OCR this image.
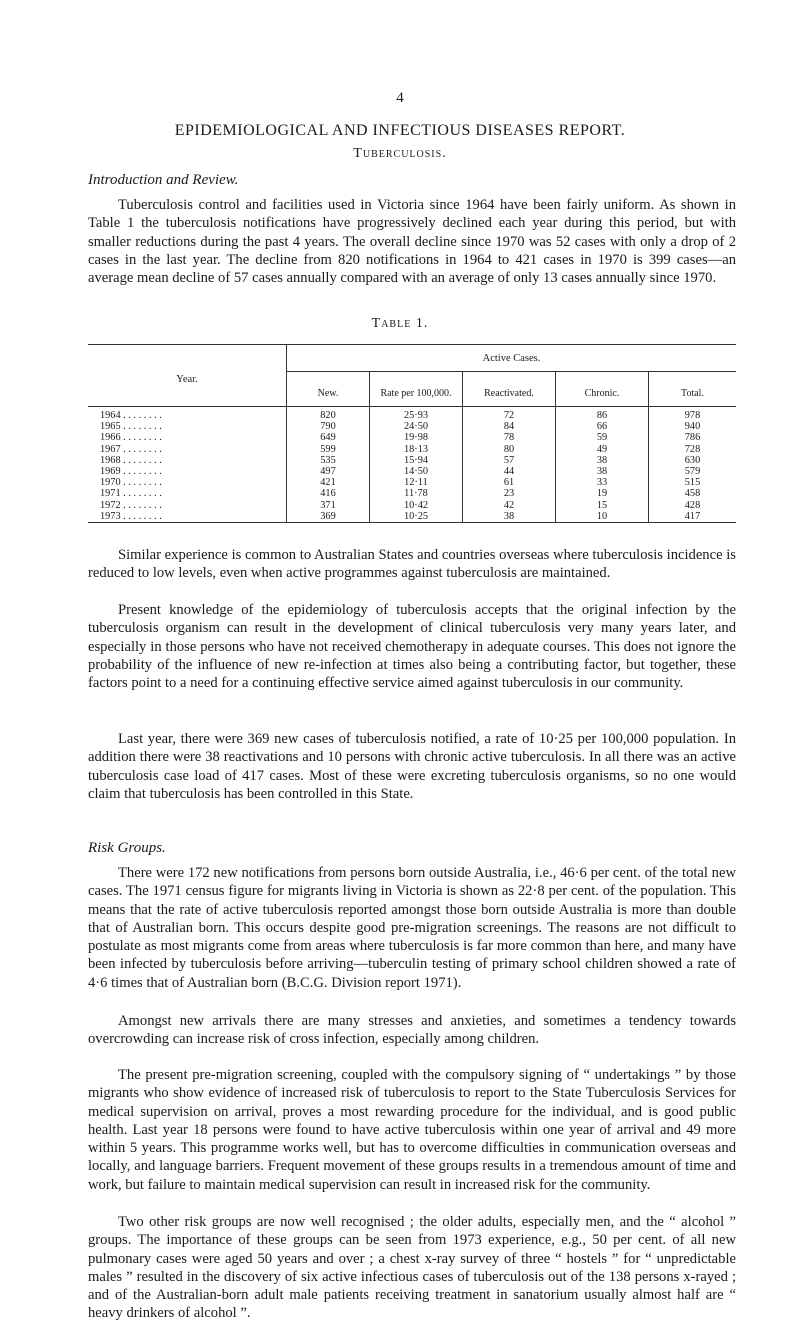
4
EPIDEMIOLOGICAL AND INFECTIOUS DISEASES REPORT.
Tuberculosis.
Introduction and Review.

Tuberculosis control and facilities used in Victoria since 1964 have been fairly uniform. As shown in Table 1 the tuberculosis notifications have progressively declined each year during this period, but with smaller reductions during the past 4 years. The overall decline since 1970 was 52 cases with only a drop of 2 cases in the last year. The decline from 820 notifications in 1964 to 421 cases in 1970 is 399 cases—an average mean decline of 57 cases annually compared with an average of only 13 cases annually since 1970.

Table 1.
Year.
Active Cases.
New.	Rate per 100,000.	Reactivated.	Chronic.	Total.
1964 . . . . . . . .	820	25·93	72	86	978
1965 . . . . . . . .	790	24·50	84	66	940
1966 . . . . . . . .	649	19·98	78	59	786
1967 . . . . . . . .	599	18·13	80	49	728
1968 . . . . . . . .	535	15·94	57	38	630
1969 . . . . . . . .	497	14·50	44	38	579
1970 . . . . . . . .	421	12·11	61	33	515
1971 . . . . . . . .	416	11·78	23	19	458
1972 . . . . . . . .	371	10·42	42	15	428
1973 . . . . . . . .	369	10·25	38	10	417

Similar experience is common to Australian States and countries overseas where tuberculosis incidence is reduced to low levels, even when active programmes against tuberculosis are maintained.

Present knowledge of the epidemiology of tuberculosis accepts that the original infection by the tuberculosis organism can result in the development of clinical tuberculosis very many years later, and especially in those persons who have not received chemotherapy in adequate courses. This does not ignore the probability of the influence of new re-infection at times also being a contributing factor, but together, these factors point to a need for a continuing effective service aimed against tuberculosis in our community.

Last year, there were 369 new cases of tuberculosis notified, a rate of 10·25 per 100,000 population. In addition there were 38 reactivations and 10 persons with chronic active tuberculosis. In all there was an active tuberculosis case load of 417 cases. Most of these were excreting tuberculosis organisms, so no one would claim that tuberculosis has been controlled in this State.

Risk Groups.

There were 172 new notifications from persons born outside Australia, i.e., 46·6 per cent. of the total new cases. The 1971 census figure for migrants living in Victoria is shown as 22·8 per cent. of the population. This means that the rate of active tuberculosis reported amongst those born outside Australia is more than double that of Australian born. This occurs despite good pre-migration screenings. The reasons are not difficult to postulate as most migrants come from areas where tuberculosis is far more common than here, and many have been infected by tuberculosis before arriving—tuberculin testing of primary school children showed a rate of 4·6 times that of Australian born (B.C.G. Division report 1971).

Amongst new arrivals there are many stresses and anxieties, and sometimes a tendency towards overcrowding can increase risk of cross infection, especially among children.

The present pre-migration screening, coupled with the compulsory signing of “ undertakings ” by those migrants who show evidence of increased risk of tuberculosis to report to the State Tuberculosis Services for medical supervision on arrival, proves a most rewarding procedure for the individual, and is good public health. Last year 18 persons were found to have active tuberculosis within one year of arrival and 49 more within 5 years. This programme works well, but has to overcome difficulties in communication overseas and locally, and language barriers. Frequent movement of these groups results in a tremendous amount of time and work, but failure to maintain medical supervision can result in increased risk for the community.

Two other risk groups are now well recognised ; the older adults, especially men, and the “ alcohol ” groups. The importance of these groups can be seen from 1973 experience, e.g., 50 per cent. of all new pulmonary cases were aged 50 years and over ; a chest x-ray survey of three “ hostels ” for “ unpredictable males ” resulted in the discovery of six active infectious cases of tuberculosis out of the 138 persons x-rayed ; and of the Australian-born adult male patients receiving treatment in sanatorium usually almost half are “ heavy drinkers of alcohol ”.
